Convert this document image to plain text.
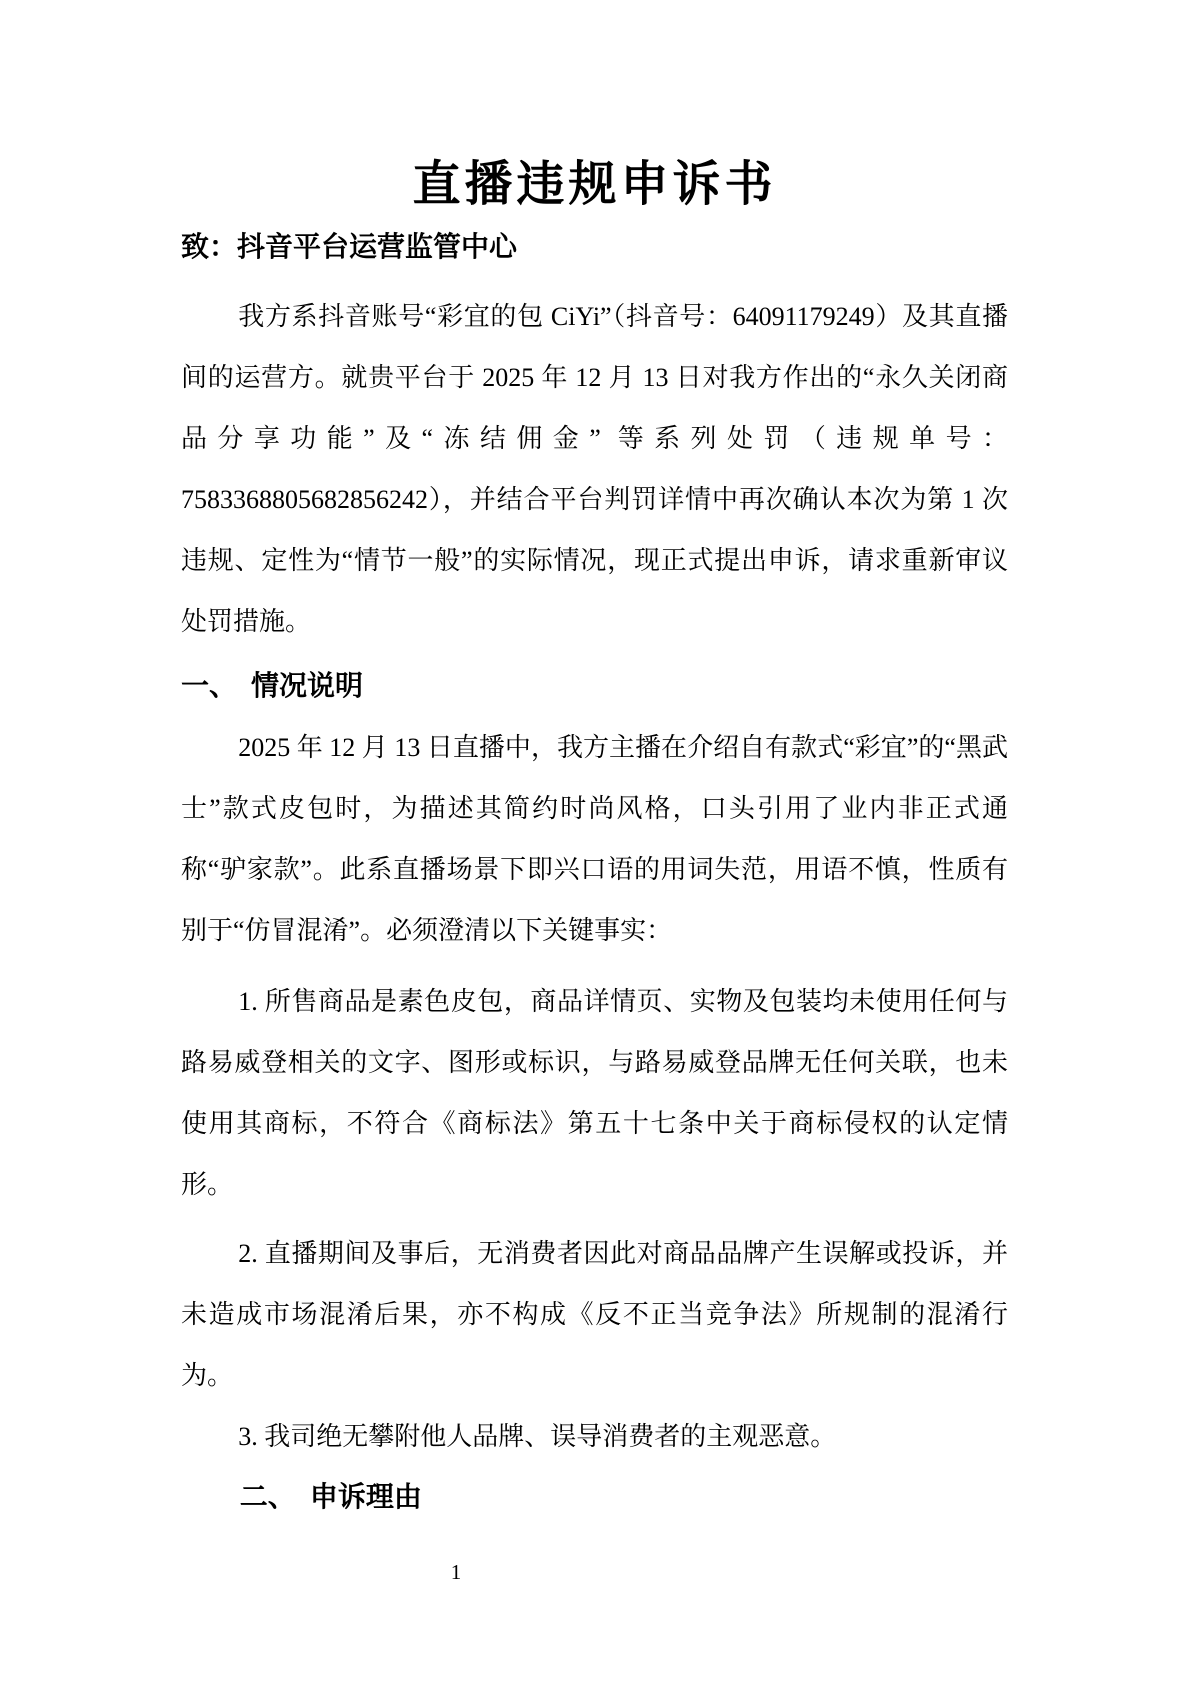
直播违规申诉书

致：抖音平台运营监管中心

我方系抖音账号“彩宜的包 CiYi”（抖音号：64091179249）及其直播间的运营方。就贵平台于 2025 年 12 月 13 日对我方作出的“永久关闭商品分享功能”及“冻结佣金” 等系列处罚（违规单号：7583368805682856242），并结合平台判罚详情中再次确认本次为第 1 次违规、定性为“情节一般”的实际情况，现正式提出申诉，请求重新审议处罚措施。

一、 情况说明

2025 年 12 月 13 日直播中，我方主播在介绍自有款式“彩宜”的“黑武士”款式皮包时，为描述其简约时尚风格，口头引用了业内非正式通称“驴家款”。此系直播场景下即兴口语的用词失范，用语不慎，性质有别于“仿冒混淆”。必须澄清以下关键事实：

1. 所售商品是素色皮包，商品详情页、实物及包装均未使用任何与路易威登相关的文字、图形或标识，与路易威登品牌无任何关联，也未使用其商标，不符合《商标法》第五十七条中关于商标侵权的认定情形。

2. 直播期间及事后，无消费者因此对商品品牌产生误解或投诉，并未造成市场混淆后果，亦不构成《反不正当竞争法》所规制的混淆行为。

3. 我司绝无攀附他人品牌、误导消费者的主观恶意。

二、 申诉理由

1
